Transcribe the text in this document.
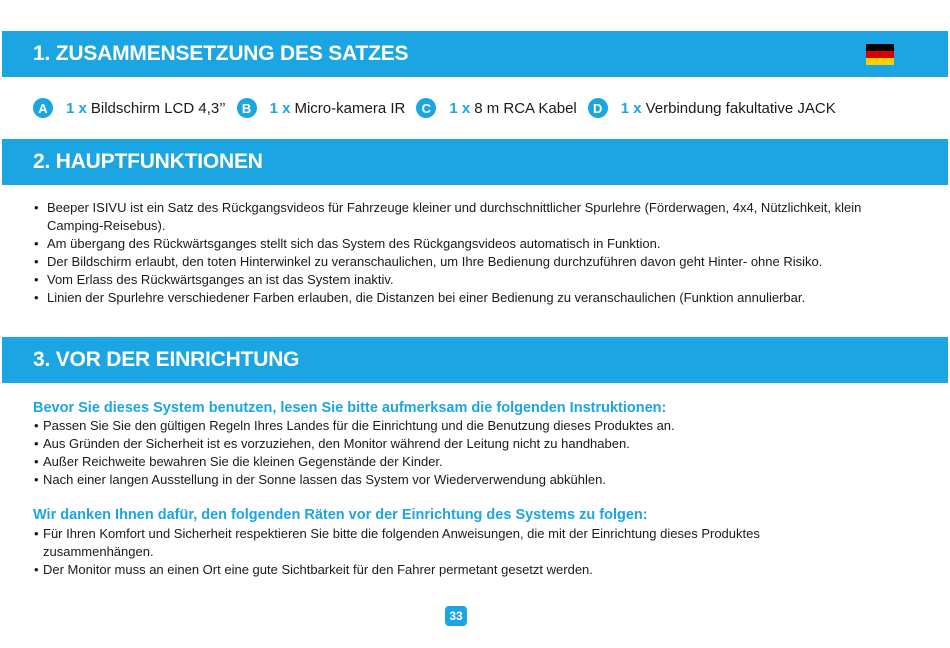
1. ZUSAMMENSETZUNG DES SATZES
A	1 x Bildschirm LCD 4,3’’	B	1 x Micro-kamera IR	C	1 x 8 m RCA Kabel	D	1 x Verbindung fakultative JACK
2. HAUPTFUNKTIONEN
• Beeper ISIVU ist ein Satz des Rückgangsvideos für Fahrzeuge kleiner und durchschnittlicher Spurlehre (Förderwagen, 4x4, Nützlichkeit, klein Camping-Reisebus).
• Am übergang des Rückwärtsganges stellt sich das System des Rückgangsvideos automatisch in Funktion.
• Der Bildschirm erlaubt, den toten Hinterwinkel zu veranschaulichen, um Ihre Bedienung durchzuführen davon geht Hinter- ohne Risiko.
• Vom Erlass des Rückwärtsganges an ist das System inaktiv.
• Linien der Spurlehre verschiedener Farben erlauben, die Distanzen bei einer Bedienung zu veranschaulichen (Funktion annulierbar.
3. VOR DER EINRICHTUNG
Bevor Sie dieses System benutzen, lesen Sie bitte aufmerksam die folgenden Instruktionen:
• Passen Sie Sie den gültigen Regeln Ihres Landes für die Einrichtung und die Benutzung dieses Produktes an.
• Aus Gründen der Sicherheit ist es vorzuziehen, den Monitor während der Leitung nicht zu handhaben.
• Außer Reichweite bewahren Sie die kleinen Gegenstände der Kinder.
• Nach einer langen Ausstellung in der Sonne lassen das System vor Wiederverwendung abkühlen.
Wir danken Ihnen dafür, den folgenden Räten vor der Einrichtung des Systems zu folgen:
• Für Ihren Komfort und Sicherheit respektieren Sie bitte die folgenden Anweisungen, die mit der Einrichtung dieses Produktes zusammenhängen.
• Der Monitor muss an einen Ort eine gute Sichtbarkeit für den Fahrer permetant gesetzt werden.
33
